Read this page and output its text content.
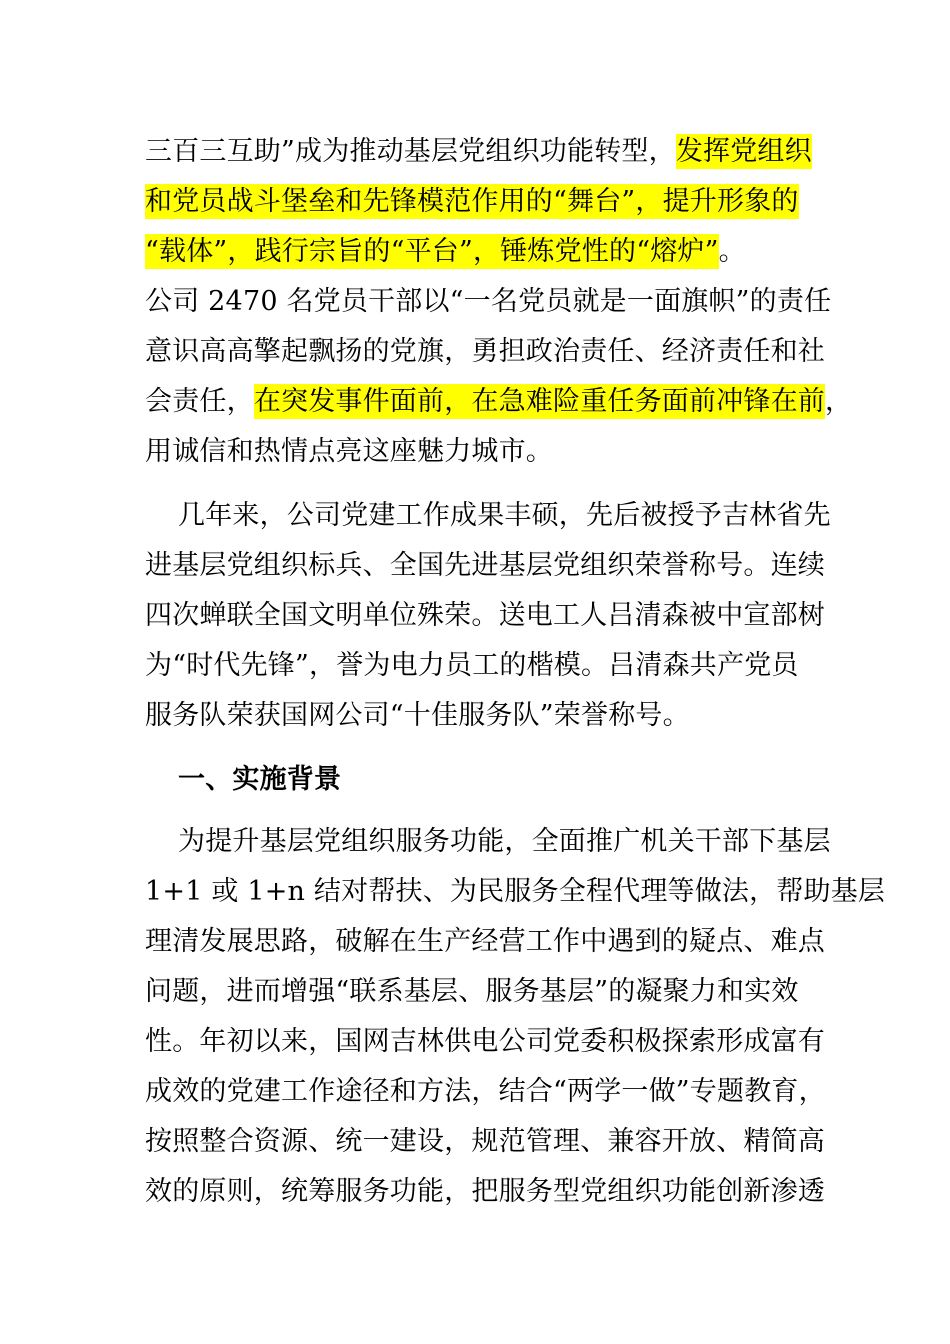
三百三互助”成为推动基层党组织功能转型，发挥党组织
和党员战斗堡垒和先锋模范作用的“舞台”，提升形象的
“载体”，践行宗旨的“平台”，锤炼党性的“熔炉”。
公司 2470 名党员干部以“一名党员就是一面旗帜”的责任
意识高高擎起飘扬的党旗，勇担政治责任、经济责任和社
会责任，在突发事件面前，在急难险重任务面前冲锋在前，
用诚信和热情点亮这座魅力城市。
几年来，公司党建工作成果丰硕，先后被授予吉林省先
进基层党组织标兵、全国先进基层党组织荣誉称号。连续
四次蝉联全国文明单位殊荣。送电工人吕清森被中宣部树
为“时代先锋”，誉为电力员工的楷模。吕清森共产党员
服务队荣获国网公司“十佳服务队”荣誉称号。
一、实施背景
为提升基层党组织服务功能，全面推广机关干部下基层
1+1 或 1+n 结对帮扶、为民服务全程代理等做法，帮助基层
理清发展思路，破解在生产经营工作中遇到的疑点、难点
问题，进而增强“联系基层、服务基层”的凝聚力和实效
性。年初以来，国网吉林供电公司党委积极探索形成富有
成效的党建工作途径和方法，结合“两学一做”专题教育，
按照整合资源、统一建设，规范管理、兼容开放、精简高
效的原则，统筹服务功能，把服务型党组织功能创新渗透
